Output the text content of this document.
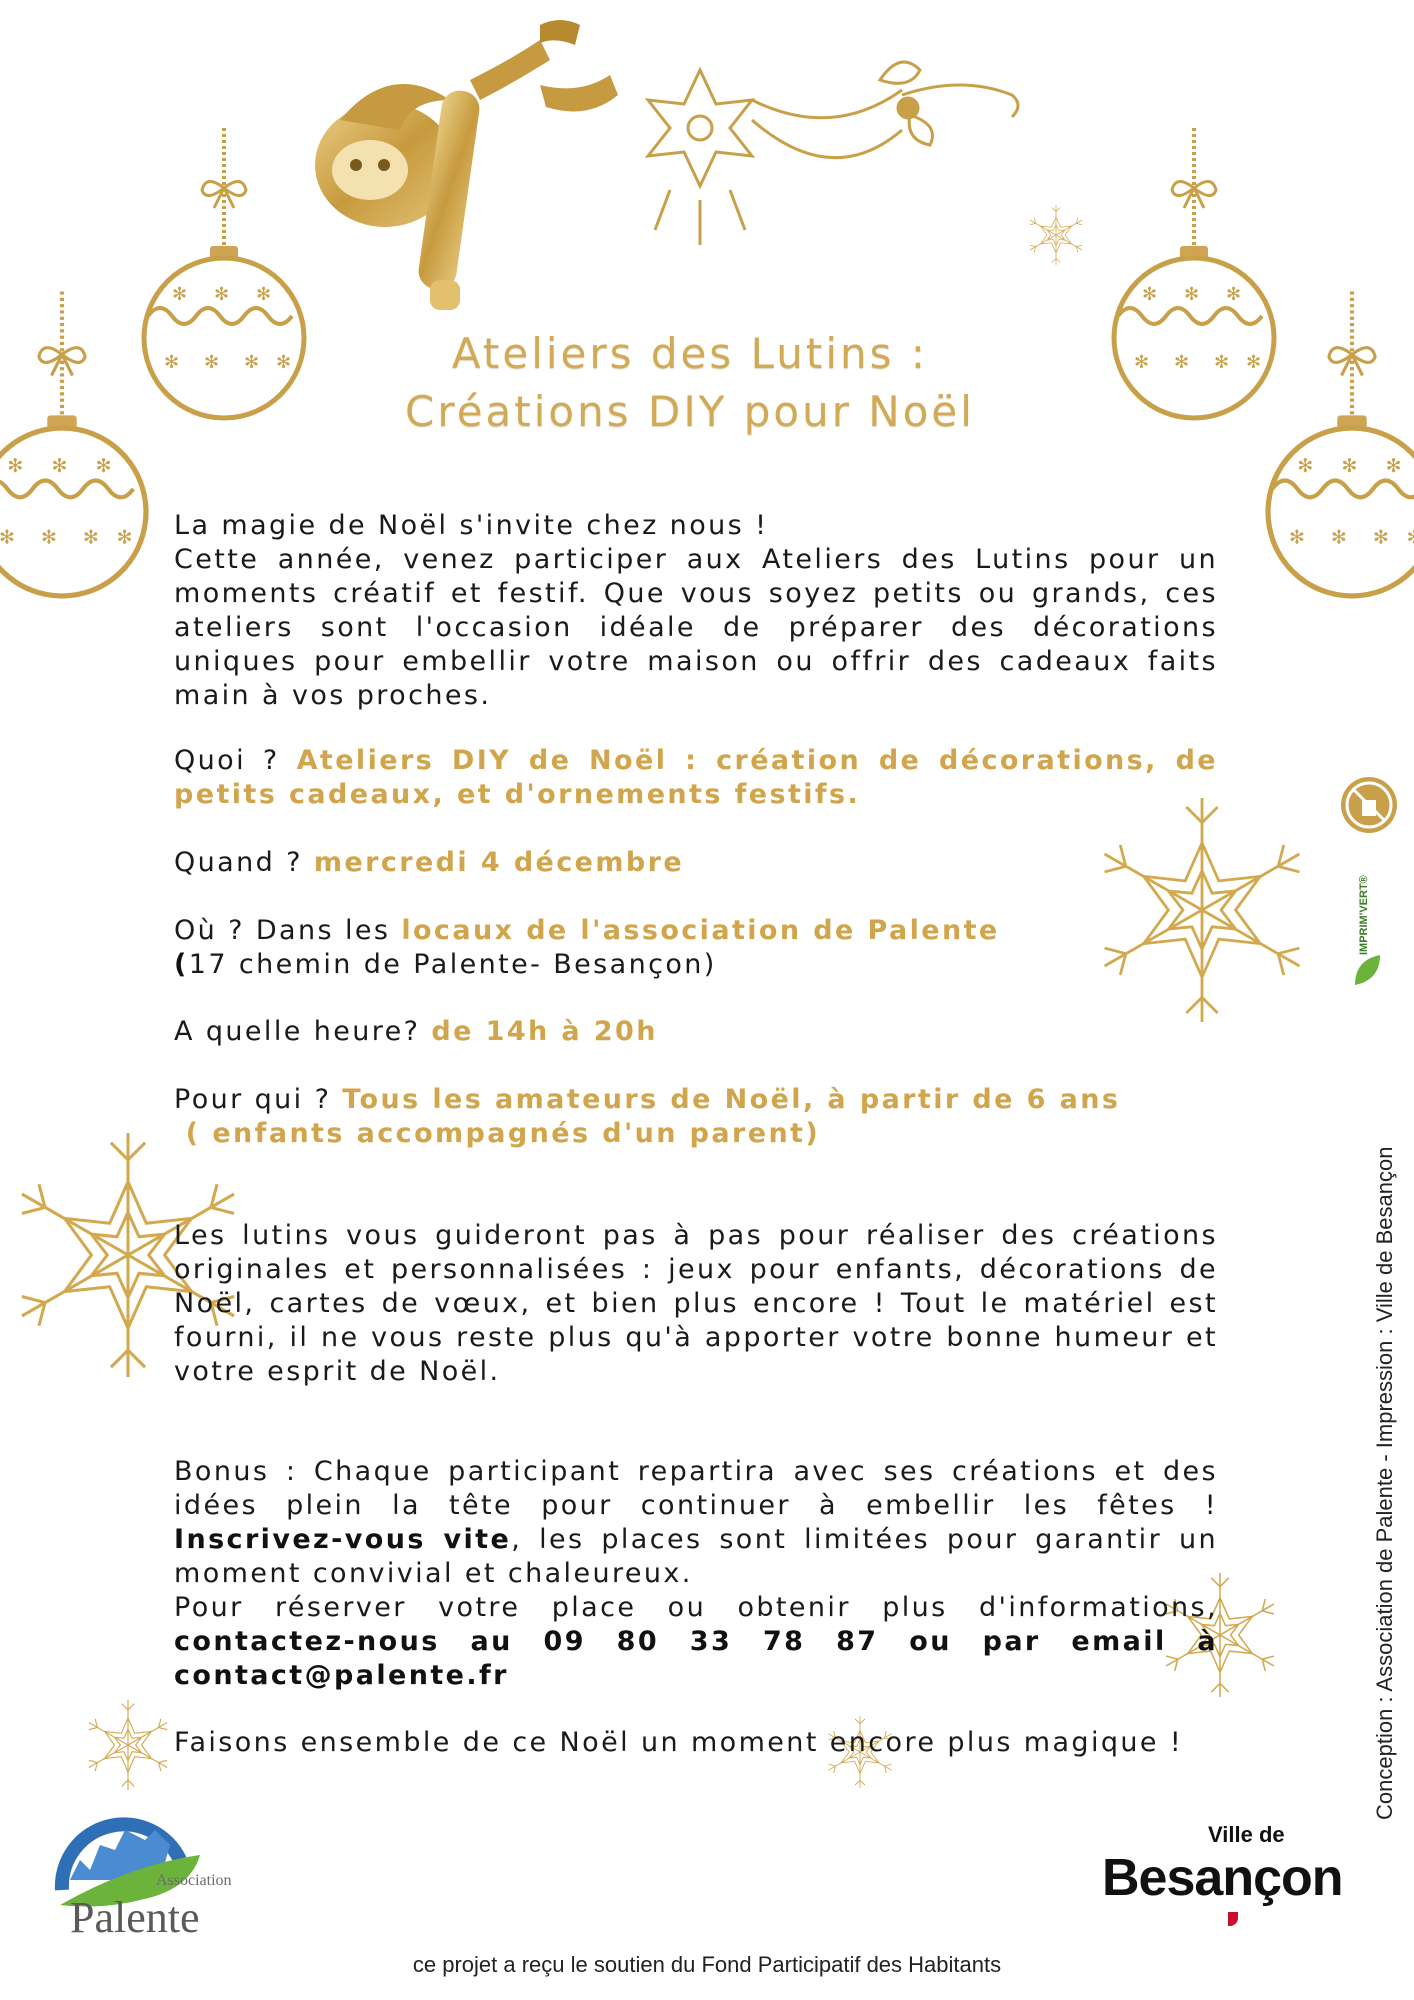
✻ ✻
Ateliers des Lutins :
Créations DIY pour Noël

La magie de Noël s'invite chez nous !

Cette année, venez participer aux Ateliers des Lutins pour un moments créatif et festif. Que vous soyez petits ou grands, ces ateliers sont l'occasion idéale de préparer des décorations uniques pour embellir votre maison ou offrir des cadeaux faits main à vos proches.

Quoi ? Ateliers DIY de Noël : création de décorations, de petits cadeaux, et d'ornements festifs.
Quand ? mercredi 4 décembre
Où ? Dans les locaux de l'association de Palente
(17 chemin de Palente- Besançon)
A quelle heure? de 14h à 20h
Pour qui ? Tous les amateurs de Noël, à partir de 6 ans
( enfants accompagnés d'un parent)
Les lutins vous guideront pas à pas pour réaliser des créations originales et personnalisées : jeux pour enfants, décorations de Noël, cartes de vœux, et bien plus encore ! Tout le matériel est fourni, il ne vous reste plus qu'à apporter votre bonne humeur et votre esprit de Noël.
Bonus : Chaque participant repartira avec ses créations et des idées plein la tête pour continuer à embellir les fêtes ! Inscrivez-vous vite, les places sont limitées pour garantir un moment convivial et chaleureux.
Pour réserver votre place ou obtenir plus d'informations, contactez-nous au 09 80 33 78 87 ou par email à contact@palente.fr
Faisons ensemble de ce Noël un moment encore plus magique !	Conception : Association de Palente - Impression : Ville de Besançon
IMPRIM'VERT®
Association
Palente
Ville de
Besançon
ce projet a reçu le soutien du Fond Participatif des Habitants
